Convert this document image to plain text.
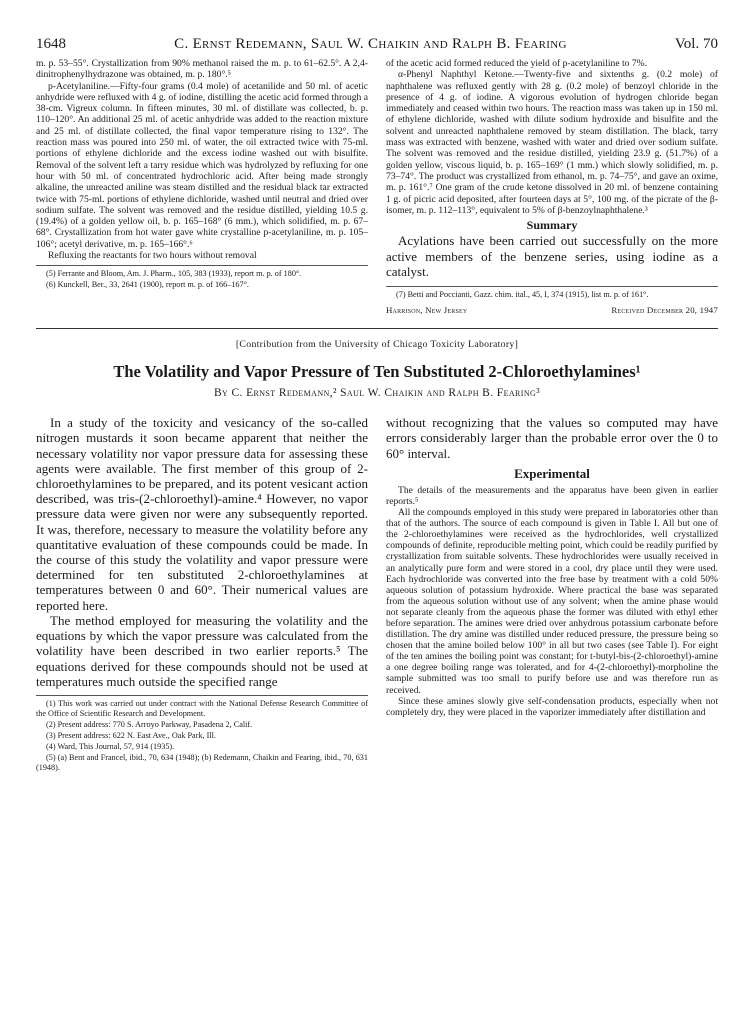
1648	C. Ernst Redemann, Saul W. Chaikin and Ralph B. Fearing	Vol. 70

m. p. 53–55°. Crystallization from 90% methanol raised the m. p. to 61–62.5°. A 2,4-dinitrophenylhydrazone was obtained, m. p. 180°.⁵

p-Acetylaniline.—Fifty-four grams (0.4 mole) of acetanilide and 50 ml. of acetic anhydride were refluxed with 4 g. of iodine, distilling the acetic acid formed through a 38-cm. Vigreux column. In fifteen minutes, 30 ml. of distillate was collected, b. p. 110–120°. An additional 25 ml. of acetic anhydride was added to the reaction mixture and 25 ml. of distillate collected, the final vapor temperature rising to 132°. The reaction mass was poured into 250 ml. of water, the oil extracted twice with 75-ml. portions of ethylene dichloride and the excess iodine washed out with bisulfite. Removal of the solvent left a tarry residue which was hydrolyzed by refluxing for one hour with 50 ml. of concentrated hydrochloric acid. After being made strongly alkaline, the unreacted aniline was steam distilled and the residual black tar extracted twice with 75-ml. portions of ethylene dichloride, washed until neutral and dried over sodium sulfate. The solvent was removed and the residue distilled, yielding 10.5 g. (19.4%) of a golden yellow oil, b. p. 165–168° (6 mm.), which solidified, m. p. 67–68°. Crystallization from hot water gave white crystalline p-acetylaniline, m. p. 105–106°; acetyl derivative, m. p. 165–166°.⁶

Refluxing the reactants for two hours without removal

(5) Ferrante and Bloom, Am. J. Pharm., 105, 383 (1933), report m. p. of 180°.

(6) Kunckell, Ber., 33, 2641 (1900), report m. p. of 166–167°.

of the acetic acid formed reduced the yield of p-acetylaniline to 7%.

α-Phenyl Naphthyl Ketone.—Twenty-five and sixtenths g. (0.2 mole) of naphthalene was refluxed gently with 28 g. (0.2 mole) of benzoyl chloride in the presence of 4 g. of iodine. A vigorous evolution of hydrogen chloride began immediately and ceased within two hours. The reaction mass was taken up in 150 ml. of ethylene dichloride, washed with dilute sodium hydroxide and bisulfite and the solvent and unreacted naphthalene removed by steam distillation. The black, tarry mass was extracted with benzene, washed with water and dried over sodium sulfate. The solvent was removed and the residue distilled, yielding 23.9 g. (51.7%) of a golden yellow, viscous liquid, b. p. 165–169° (1 mm.) which slowly solidified, m. p. 73–74°. The product was crystallized from ethanol, m. p. 74–75°, and gave an oxime, m. p. 161°.⁷ One gram of the crude ketone dissolved in 20 ml. of benzene containing 1 g. of picric acid deposited, after fourteen days at 5°, 100 mg. of the picrate of the β-isomer, m. p. 112–113°, equivalent to 5% of β-benzoylnaphthalene.³

Summary
Acylations have been carried out successfully on the more active members of the benzene series, using iodine as a catalyst.

(7) Betti and Poccianti, Gazz. chim. ital., 45, I, 374 (1915), list m. p. of 161°.

Harrison, New Jersey	Received December 20, 1947
[Contribution from the University of Chicago Toxicity Laboratory]
The Volatility and Vapor Pressure of Ten Substituted 2-Chloroethylamines¹
By C. Ernst Redemann,² Saul W. Chaikin and Ralph B. Fearing³

In a study of the toxicity and vesicancy of the so-called nitrogen mustards it soon became apparent that neither the necessary volatility nor vapor pressure data for assessing these agents were available. The first member of this group of 2-chloroethylamines to be prepared, and its potent vesicant action described, was tris-(2-chloroethyl)-amine.⁴ However, no vapor pressure data were given nor were any subsequently reported. It was, therefore, necessary to measure the volatility before any quantitative evaluation of these compounds could be made. In the course of this study the volatility and vapor pressure were determined for ten substituted 2-chloroethylamines at temperatures between 0 and 60°. Their numerical values are reported here.

The method employed for measuring the volatility and the equations by which the vapor pressure was calculated from the volatility have been described in two earlier reports.⁵ The equations derived for these compounds should not be used at temperatures much outside the specified range

(1) This work was carried out under contract with the National Defense Research Committee of the Office of Scientific Research and Development.

(2) Present address: 770 S. Arroyo Parkway, Pasadena 2, Calif.

(3) Present address: 622 N. East Ave., Oak Park, Ill.

(4) Ward, This Journal, 57, 914 (1935).

(5) (a) Bent and Francel, ibid., 70, 634 (1948); (b) Redemann, Chaikin and Fearing, ibid., 70, 631 (1948).

without recognizing that the values so computed may have errors considerably larger than the probable error over the 0 to 60° interval.

Experimental

The details of the measurements and the apparatus have been given in earlier reports.⁵

All the compounds employed in this study were prepared in laboratories other than that of the authors. The source of each compound is given in Table I. All but one of the 2-chloroethylamines were received as the hydrochlorides, well crystallized compounds of definite, reproducible melting point, which could be readily purified by crystallization from suitable solvents. These hydrochlorides were usually received in an analytically pure form and were stored in a cool, dry place until they were used. Each hydrochloride was converted into the free base by treatment with a cold 50% aqueous solution of potassium hydroxide. Where practical the base was separated from the aqueous solution without use of any solvent; when the amine phase would not separate cleanly from the aqueous phase the former was diluted with ethyl ether before separation. The amines were dried over anhydrous potassium carbonate before distillation. The dry amine was distilled under reduced pressure, the pressure being so chosen that the amine boiled below 100° in all but two cases (see Table I). For eight of the ten amines the boiling point was constant; for t-butyl-bis-(2-chloroethyl)-amine a one degree boiling range was tolerated, and for 4-(2-chloroethyl)-morpholine the sample submitted was too small to purify before use and was therefore run as received.

Since these amines slowly give self-condensation products, especially when not completely dry, they were placed in the vaporizer immediately after distillation and
